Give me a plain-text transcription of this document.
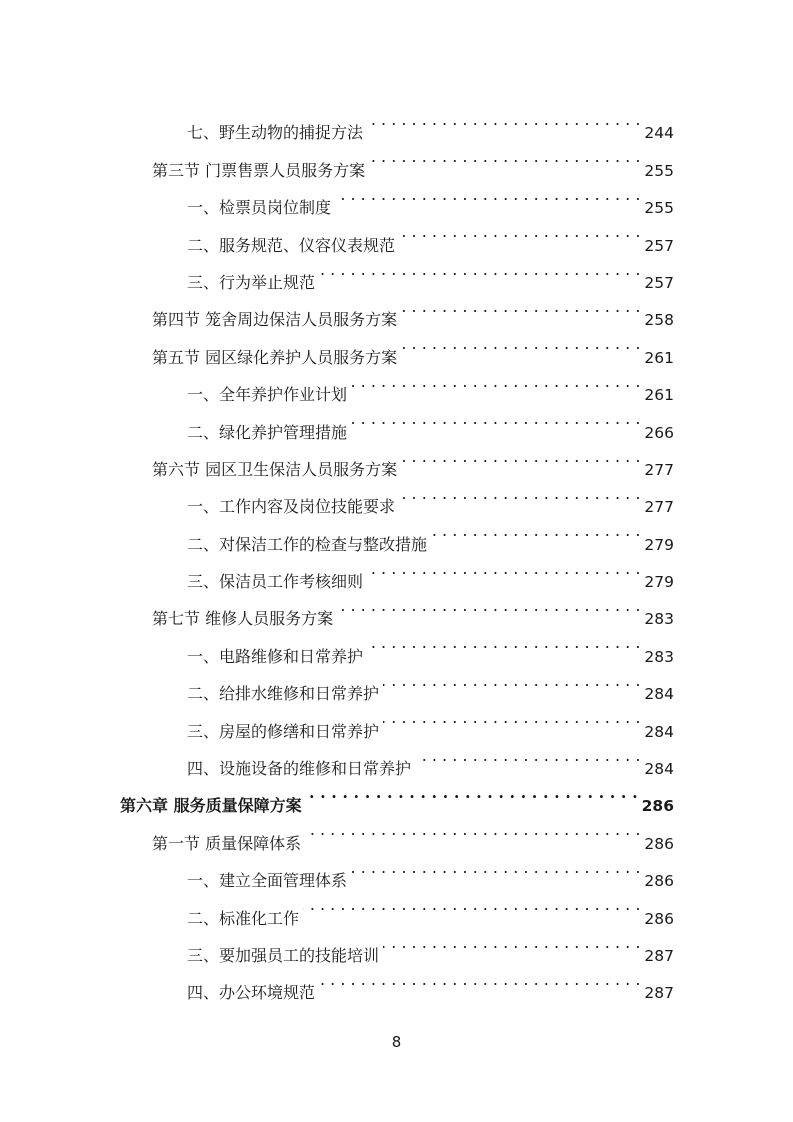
七、野生动物的捕捉方法 . . .	244
第三节 门票售票人员服务方案 . . .	255
一、检票员岗位制度 . . .	255
二、服务规范、仪容仪表规范 . . .	257
三、行为举止规范 . . .	257
第四节 笼舍周边保洁人员服务方案 . . .	258
第五节 园区绿化养护人员服务方案 . . .	261
一、全年养护作业计划 . . .	261
二、绿化养护管理措施 . . .	266
第六节 园区卫生保洁人员服务方案 . . .	277
一、工作内容及岗位技能要求 . . .	277
二、对保洁工作的检查与整改措施 . . .	279
三、保洁员工作考核细则 . . .	279
第七节 维修人员服务方案 . . .	283
一、电路维修和日常养护 . . .	283
二、给排水维修和日常养护 . . .	284
三、房屋的修缮和日常养护 . . .	284
四、设施设备的维修和日常养护 . . .	284
第六章 服务质量保障方案 . . .	286
第一节 质量保障体系 . . .	286
一、建立全面管理体系 . . .	286
二、标准化工作 . . .	286
三、要加强员工的技能培训 . . .	287
四、办公环境规范 . . .	287
8
